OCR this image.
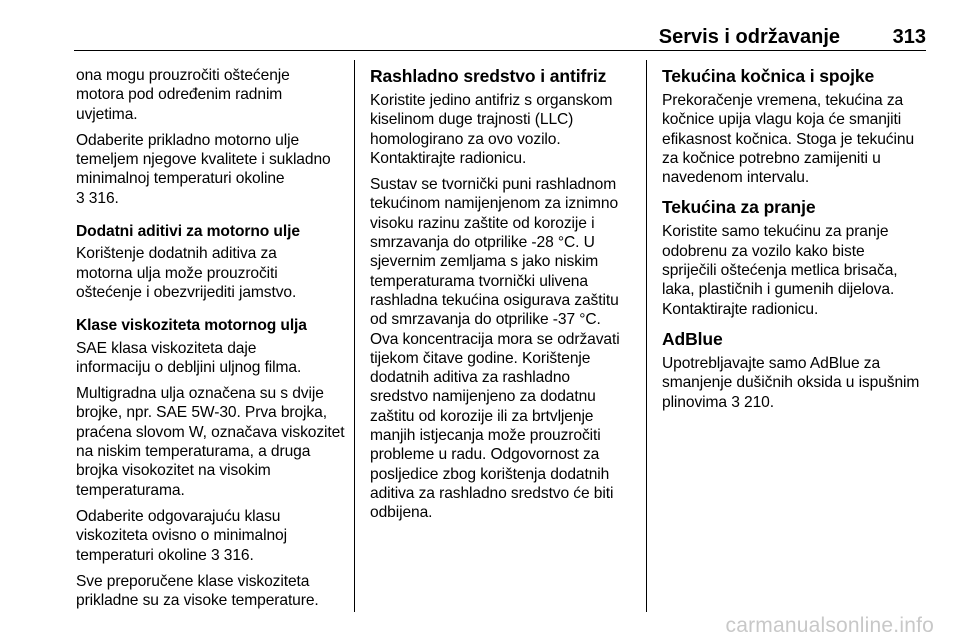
Servis i održavanje	313

ona mogu prouzročiti oštećenje motora pod određenim radnim uvjetima.

Odaberite prikladno motorno ulje temeljem njegove kvalitete i sukladno minimalnoj temperaturi okoline
3 316.

Dodatni aditivi za motorno ulje

Korištenje dodatnih aditiva za motorna ulja može prouzročiti oštećenje i obezvrijediti jamstvo.

Klase viskoziteta motornog ulja

SAE klasa viskoziteta daje informaciju o debljini uljnog filma.

Multigradna ulja označena su s dvije brojke, npr. SAE 5W-30. Prva brojka, praćena slovom W, označava viskozitet na niskim temperaturama, a druga brojka visokozitet na visokim temperaturama.

Odaberite odgovarajuću klasu viskoziteta ovisno o minimalnoj temperaturi okoline 3 316.

Sve preporučene klase viskoziteta prikladne su za visoke temperature.

Rashladno sredstvo i antifriz

Koristite jedino antifriz s organskom kiselinom duge trajnosti (LLC) homologirano za ovo vozilo. Kontaktirajte radionicu.

Sustav se tvornički puni rashladnom tekućinom namijenjenom za iznimno visoku razinu zaštite od korozije i smrzavanja do otprilike -28 °C. U sjevernim zemljama s jako niskim temperaturama tvornički ulivena rashladna tekućina osigurava zaštitu od smrzavanja do otprilike -37 °C. Ova koncentracija mora se održavati tijekom čitave godine. Korištenje dodatnih aditiva za rashladno sredstvo namijenjeno za dodatnu zaštitu od korozije ili za brtvljenje manjih istjecanja može prouzročiti probleme u radu. Odgovornost za posljedice zbog korištenja dodatnih aditiva za rashladno sredstvo će biti odbijena.

Tekućina kočnica i spojke

Prekoračenje vremena, tekućina za kočnice upija vlagu koja će smanjiti efikasnost kočnica. Stoga je tekućinu za kočnice potrebno zamijeniti u navedenom intervalu.

Tekućina za pranje

Koristite samo tekućinu za pranje odobrenu za vozilo kako biste spriječili oštećenja metlica brisača, laka, plastičnih i gumenih dijelova. Kontaktirajte radionicu.

AdBlue

Upotrebljavajte samo AdBlue za smanjenje dušičnih oksida u ispušnim plinovima 3 210.

carmanualsonline.info
